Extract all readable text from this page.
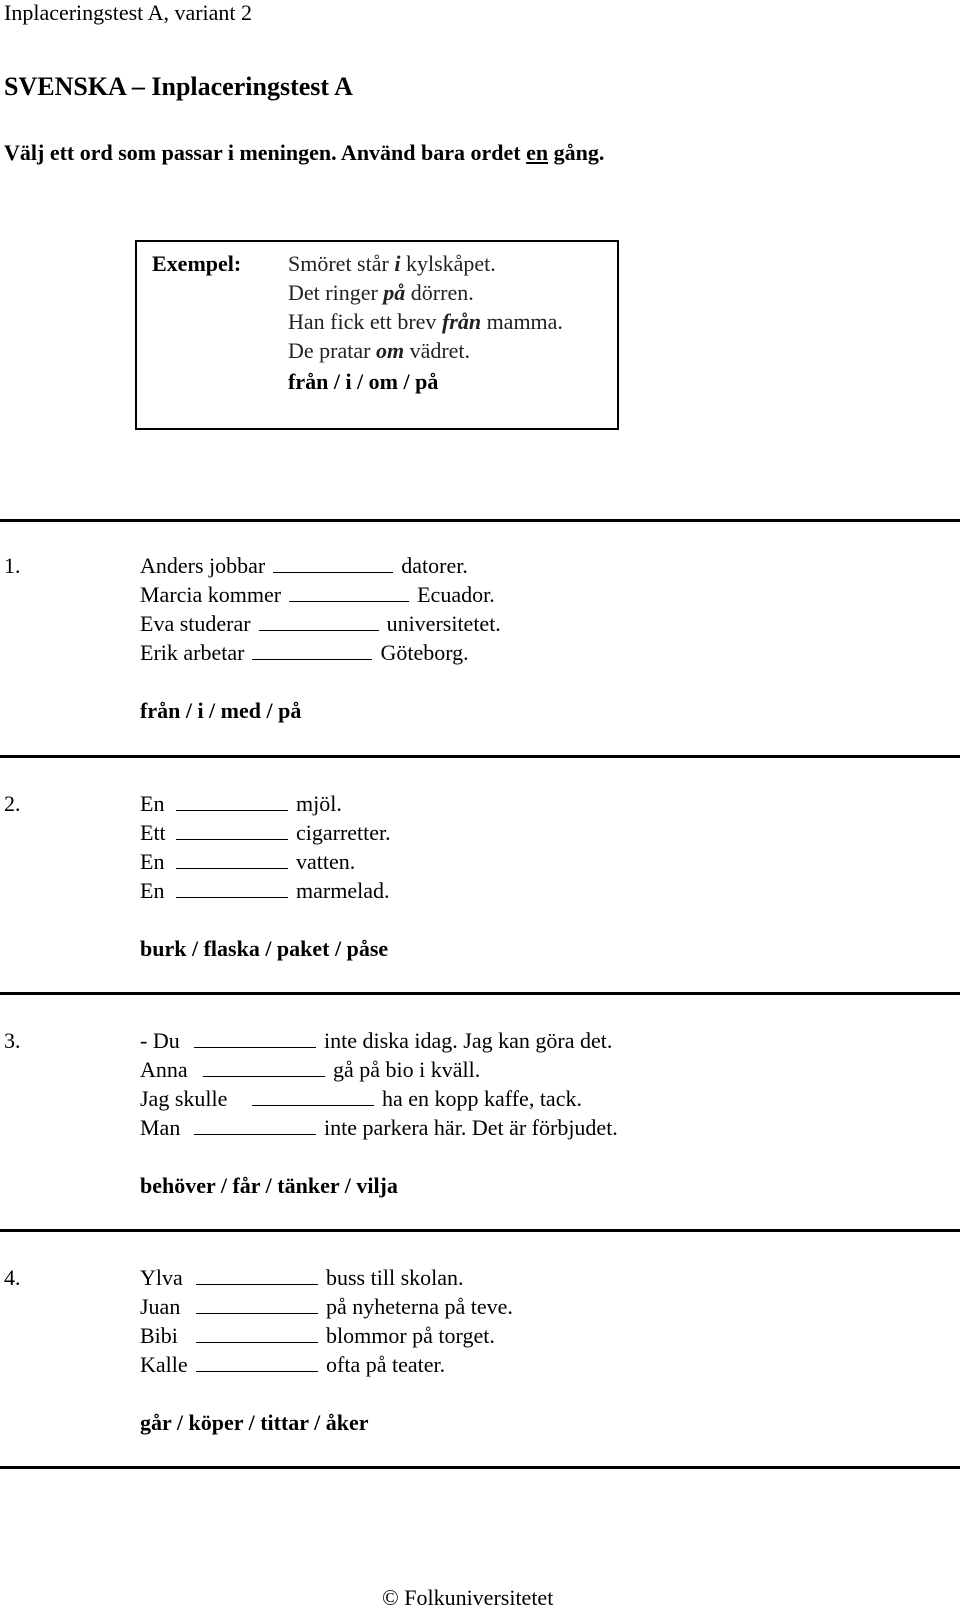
Inplaceringstest A, variant 2
SVENSKA – Inplaceringstest A
Välj ett ord som passar i meningen. Använd bara ordet en gång.
Exempel: Smöret står i kylskåpet.
Det ringer på dörren.
Han fick ett brev från mamma.
De pratar om vädret.
från / i / om / på
1.	Anders jobbar	datorer.
Marcia kommer	Ecuador.
Eva studerar	universitetet.
Erik arbetar	Göteborg.
från / i / med / på
2.	En	mjöl.
Ett	cigarretter.
En	vatten.
En	marmelad.
burk / flaska / paket / påse
3.	- Du	inte diska idag. Jag kan göra det.
Anna	gå på bio i kväll.
Jag skulle	ha en kopp kaffe, tack.
Man	inte parkera här. Det är förbjudet.
behöver / får / tänker / vilja
4.	Ylva	buss till skolan.
Juan	på nyheterna på teve.
Bibi	blommor på torget.
Kalle	ofta på teater.
går / köper / tittar / åker
© Folkuniversitetet
